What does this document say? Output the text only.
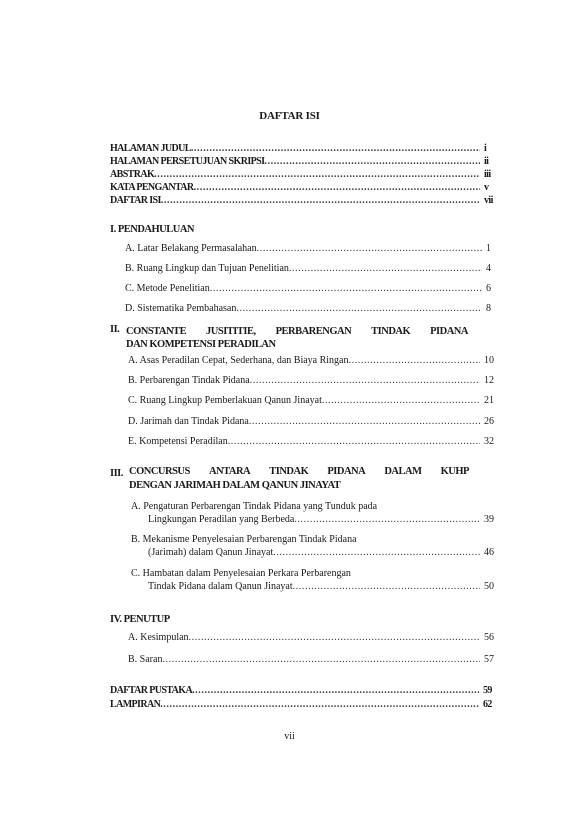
DAFTAR ISI
HALAMAN JUDUL .....	i
HALAMAN PERSETUJUAN SKRIPSI .....	ii
ABSTRAK .....	iii
KATA PENGANTAR .....	v
DAFTAR ISI .....	vii
I. PENDAHULUAN
A. Latar Belakang Permasalahan .....	1
B. Ruang Lingkup dan Tujuan Penelitian .....	4
C. Metode Penelitian .....	6
D. Sistematika Pembahasan .....	8
II. CONSTANTE JUSITITIE, PERBARENGAN TINDAK PIDANA
DAN KOMPETENSI PERADILAN
A. Asas Peradilan Cepat, Sederhana, dan Biaya Ringan .....	10
B. Perbarengan Tindak Pidana .....	12
C. Ruang Lingkup Pemberlakuan Qanun Jinayat .....	21
D. Jarimah dan Tindak Pidana .....	26
E. Kompetensi Peradilan .....	32
III. CONCURSUS ANTARA TINDAK PIDANA DALAM KUHP
DENGAN JARIMAH DALAM QANUN JINAYAT
A. Pengaturan Perbarengan Tindak Pidana yang Tunduk pada
Lingkungan Peradilan yang Berbeda .....	39
B. Mekanisme Penyelesaian Perbarengan Tindak Pidana
(Jarimah) dalam Qanun Jinayat .....	46
C. Hambatan dalam Penyelesaian Perkara Perbarengan
Tindak Pidana dalam Qanun Jinayat .....	50
IV. PENUTUP
A. Kesimpulan .....	56
B. Saran .....	57
DAFTAR PUSTAKA .....	59
LAMPIRAN .....	62
vii
